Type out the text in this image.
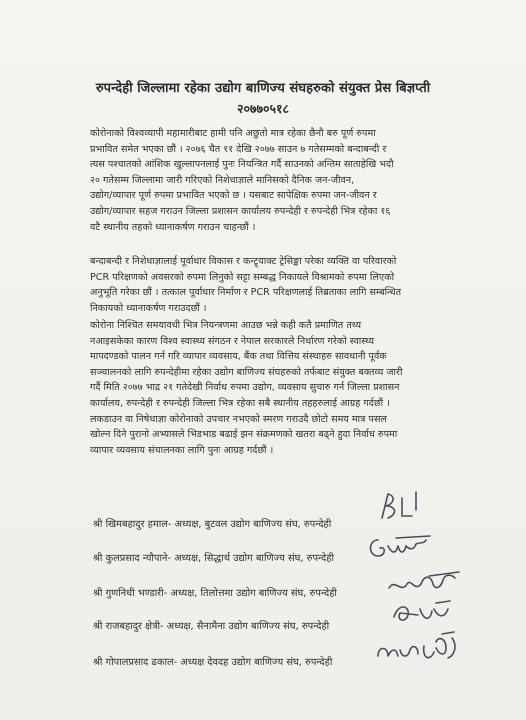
रुपन्देही जिल्लामा रहेका उद्योग बाणिज्य संघहरुको संयुक्त प्रेस बिज्ञप्ती
२०७७०५१८
कोरोनाको विश्वव्यापी महामारीबाट हामी पनि अछुतो मात्र रहेका छैनौ बरु पूर्ण रुपमा
प्रभावित समेत भएका छौं । २०७६ चैत ११ देखि २०७७ साउन ७ गतेसम्मको बन्दाबन्दी र
त्यस पश्चातको आंशिक खुल्लापनलाई पुनः नियन्त्रित गर्दै साउनको अन्तिम साताहेखि भदौ
२० गतेसम्म जिल्लामा जारी गरिएको निशेधाज्ञाले मानिसको दैनिक जन-जीवन,
उद्योग/व्यापार पूर्ण रुपमा प्रभावित भएको छ । यसबाट सापेक्षिक रुपमा जन-जीवन र
उद्योग/व्यापार सहज गराउन जिल्ला प्रशासन कार्यालय रुपन्देही र रुपन्देही भित्र रहेका १६
वटै स्थानीय तहको ध्यानाकर्षण गराउन चाहन्छौं ।
बन्दाबन्दी र निशेधाज्ञालाई पूर्वाधार विकास र कन्ट्र्याक्ट ट्रेसिङ्मा परेका व्यक्ति वा परिवारको
PCR परिक्षणको अवसरको रुपमा लिनुको सट्टा सम्बद्ध निकायले विश्रामको रुपमा लिएको
अनुभूति गरेका छौं । तत्काल पूर्वाधार निर्माण र PCR परिक्षणलाई तिब्रताका लागि सम्बन्धित
निकायको ध्यानाकर्षण गराउदछौं ।
कोरोना निश्चित समयावधी भित्र नियन्त्रणमा आउछ भन्ने कही कतै प्रमाणित तथ्य
नआइसकेका कारण विश्व स्वास्थ्य संगठन र नेपाल सरकारले निर्धारण गरेको स्वास्थ्य
मापदण्डको पालन गर्न गरि व्यापार व्यवसाय, बैंक तथा वित्तिय संस्थाहरु सावधानी पूर्वक
सञ्चालनको लागि रुपन्देहीमा रहेका उद्योग बाणिज्य संघहरुको तर्फबाट संयुक्त बक्तव्य जारी
गर्दै मिति २०७७ भाद्र २१ गतेदेखी निर्वाध रुपमा उद्योग, व्यवसाय सुचारु गर्न जिल्ला प्रशासन
कार्यालय, रुपन्देही र रुपन्देही जिल्ला भित्र रहेका सबै स्थानीय तहहरुलाई आग्रह गर्दछौं ।
लकडाउन वा निषेधाज्ञा कोरोनाको उपचार नभएको स्मरण गराउदै छोटो समय मात्र पसल
खोल्न दिने पुरानो अभ्यासले भिडभाड बढाई झन संक्रमणको खतरा बढ्ने हुदा निर्वाध रुपमा
व्यापार व्यवसाय संचालनका लागि पुनः आग्रह गर्दछौं ।
श्री खिमबहादुर हमाल- अध्यक्ष, बुटवल उद्योग बाणिज्य संघ, रुपन्देही
श्री कुलप्रसाद न्यौपाने- अध्यक्ष, सिद्धार्थ उद्योग बाणिज्य संघ, रुपन्देही
श्री गुणनिधी भण्डारी- अध्यक्ष, तिलोत्तमा उद्योग बाणिज्य संघ, रुपन्देही
श्री राजबहादुर क्षेत्री- अध्यक्ष, सैनामैना उद्योग बाणिज्य संघ, रुपन्देही
श्री गोपालप्रसाद ढकाल- अध्यक्ष देवदह उद्योग बाणिज्य संघ, रुपन्देही
